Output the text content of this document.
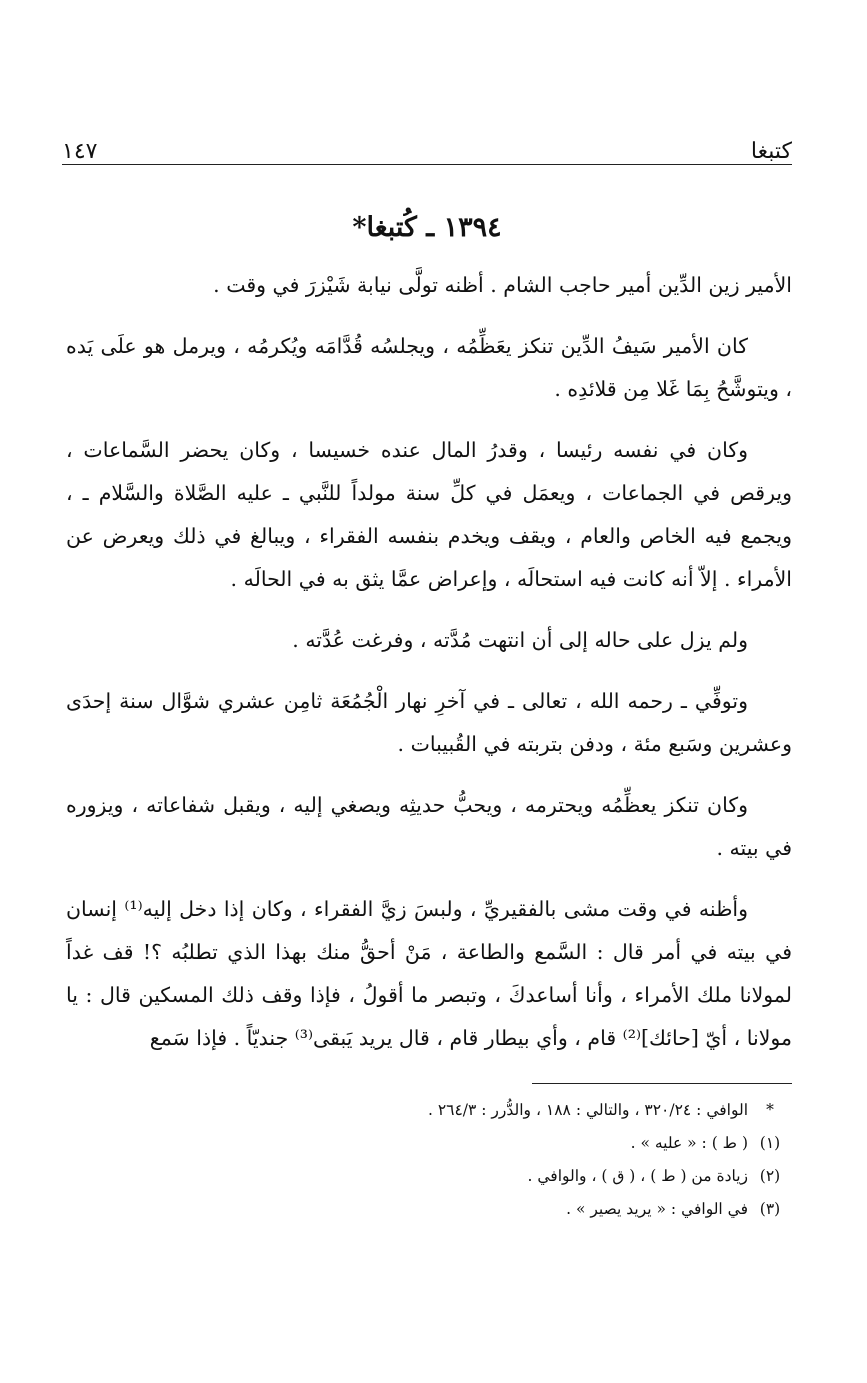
كتبغا
١٤٧
١٣٩٤ ـ كُتبغا*

الأمير زين الدِّين أمير حاجب الشام . أظنه تولَّى نيابة شَيْزرَ في وقت .

كان الأمير سَيفُ الدِّين تنكز يعَظِّمُه ، ويجلسُه قُدَّامَه ويُكرمُه ، ويرمل هو علَى يَده ، ويتوشَّحُ بِمَا غَلا مِن قلائدِه .

وكان في نفسه رئيسا ، وقدرُ المال عنده خسيسا ، وكان يحضر السَّماعات ، ويرقص في الجماعات ، ويعمَل في كلِّ سنة مولداً للنَّبي ـ عليه الصَّلاة والسَّلام ـ ، ويجمع فيه الخاص والعام ، ويقف ويخدم بنفسه الفقراء ، ويبالغ في ذلك ويعرض عن الأمراء . إلاّ أنه كانت فيه استحالَه ، وإعراض عمَّا يثق به في الحالَه .

ولم يزل على حاله إلى أن انتهت مُدَّته ، وفرغت عُدَّته .

وتوفِّي ـ رحمه الله ، تعالى ـ في آخرِ نهار الْجُمُعَة ثامِن عشري شوَّال سنة إحدَى وعشرين وسَبع مئة ، ودفن بتربته في القُبيبات .

وكان تنكز يعظِّمُه ويحترمه ، ويحبُّ حديثِه ويصغي إليه ، ويقبل شفاعاته ، ويزوره في بيته .

وأظنه في وقت مشى بالفقيريِّ ، ولبسَ زيَّ الفقراء ، وكان إذا دخل إليه⁽¹⁾ إنسان في بيته في أمر قال : السَّمع والطاعة ، مَنْ أحقُّ منك بهذا الذي تطلبُه ؟! قف غداً لمولانا ملك الأمراء ، وأنا أساعدكَ ، وتبصر ما أقولُ ، فإذا وقف ذلك المسكين قال : يا مولانا ، أيّ [حائك]⁽²⁾ قام ، وأي بيطار قام ، قال يريد يَبقى⁽³⁾ جنديّاً . فإذا سَمع

*
الوافي : ٣٢٠/٢٤ ، والتالي : ١٨٨ ، والدُّرر : ٢٦٤/٣ .
(١)
( ط ) : « عليه » .
(٢)
زيادة من ( ط ) ، ( ق ) ، والوافي .
(٣)
في الوافي : « يريد يصير » .
